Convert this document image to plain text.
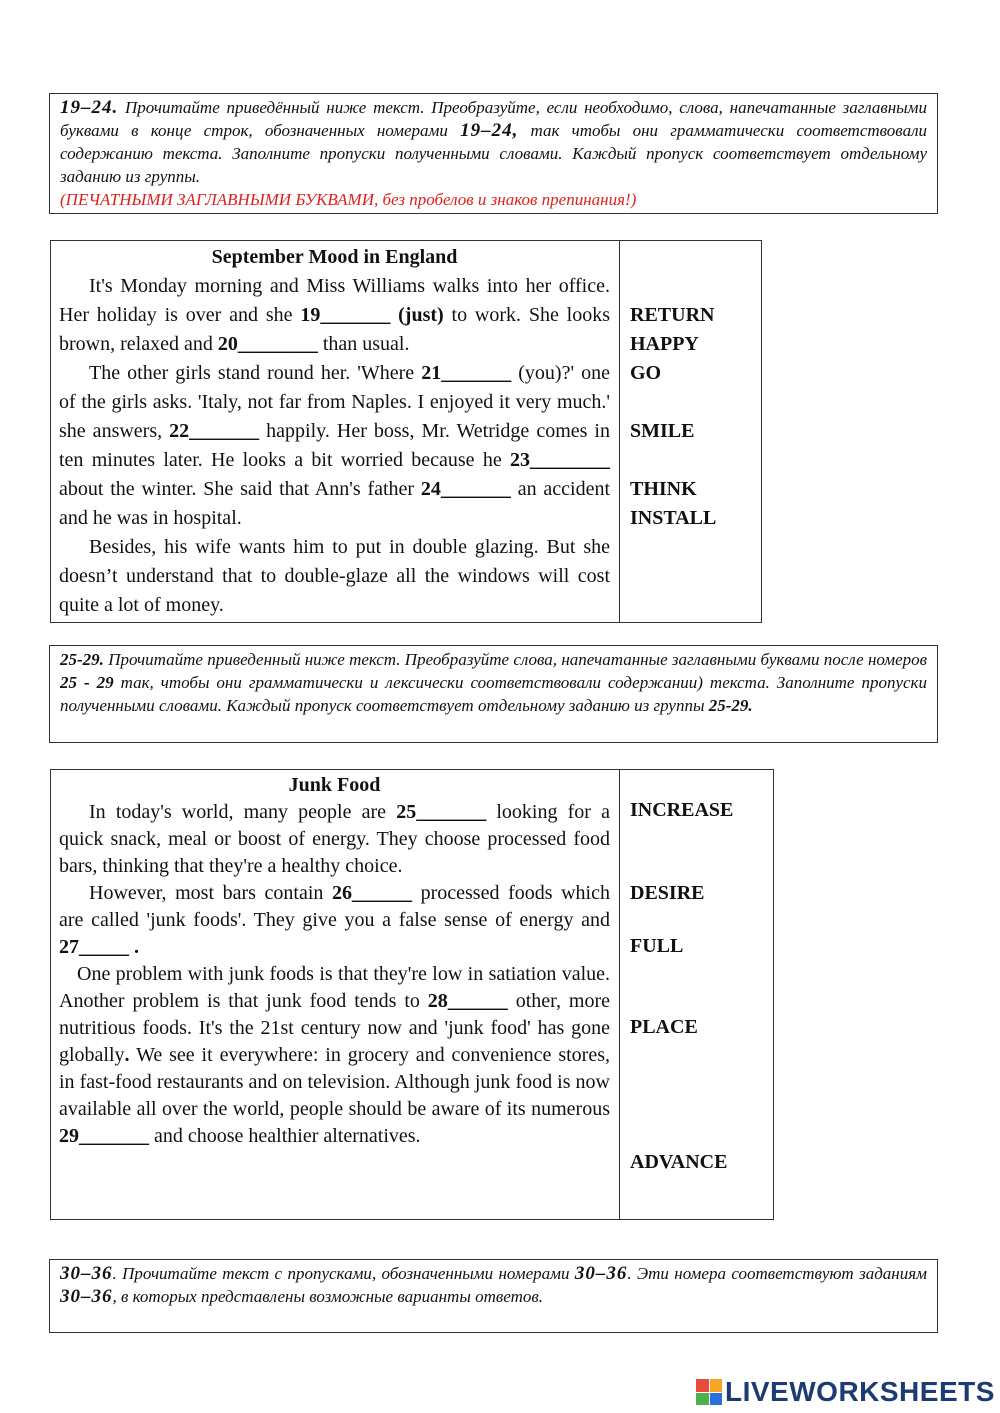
19–24. Прочитайте приведённый ниже текст. Преобразуйте, если необходимо, слова, напечатанные заглавными буквами в конце строк, обозначенных номерами 19–24, так чтобы они грамматически соответствовали содержанию текста. Заполните пропуски полученными словами. Каждый пропуск соответствует отдельному заданию из группы.
(ПЕЧАТНЫМИ ЗАГЛАВНЫМИ БУКВАМИ, без пробелов и знаков препинания!)

September Mood in England

It's Monday morning and Miss Williams walks into her office. Her holiday is over and she 19_______ (just) to work. She looks brown, relaxed and 20________ than usual.

The other girls stand round her. 'Where 21_______ (you)?' one of the girls asks. 'Italy, not far from Naples. I enjoyed it very much.' she answers, 22_______ happily. Her boss, Mr. Wetridge comes in ten minutes later. He looks a bit worried because he 23________ about the winter. She said that Ann's father 24_______ an accident and he was in hospital.

Besides, his wife wants him to put in double glazing. But she doesn’t understand that to double-glaze all the windows will cost quite a lot of money.

RETURN
HAPPY
GO
SMILE
THINK
INSTALL
25-29. Прочитайте приведенный ниже текст. Преобразуйте слова, напечатанные заглавными буквами после номеров 25 - 29 так, чтобы они грамматически и лексически соответствовали содержании) текста. Заполните пропуски полученными словами. Каждый пропуск соответствует отдельному заданию из группы 25-29.

Junk Food

In today's world, many people are 25_______ looking for a quick snack, meal or boost of energy. They choose processed food bars, thinking that they're a healthy choice.

However, most bars contain 26______ processed foods which are called 'junk foods'. They give you a false sense of energy and 27_____ .

One problem with junk foods is that they're low in satiation value. Another problem is that junk food tends to 28______ other, more nutritious foods. It's the 21st century now and 'junk food' has gone globally. We see it everywhere: in grocery and convenience stores, in fast-food restaurants and on television. Although junk food is now available all over the world, people should be aware of its numerous 29_______ and choose healthier alternatives.

INCREASE
DESIRE
FULL
PLACE
ADVANCE
30–36. Прочитайте текст с пропусками, обозначенными номерами 30–36. Эти номера соответствуют заданиям 30–36, в которых представлены возможные варианты ответов.
LIVEWORKSHEETS
